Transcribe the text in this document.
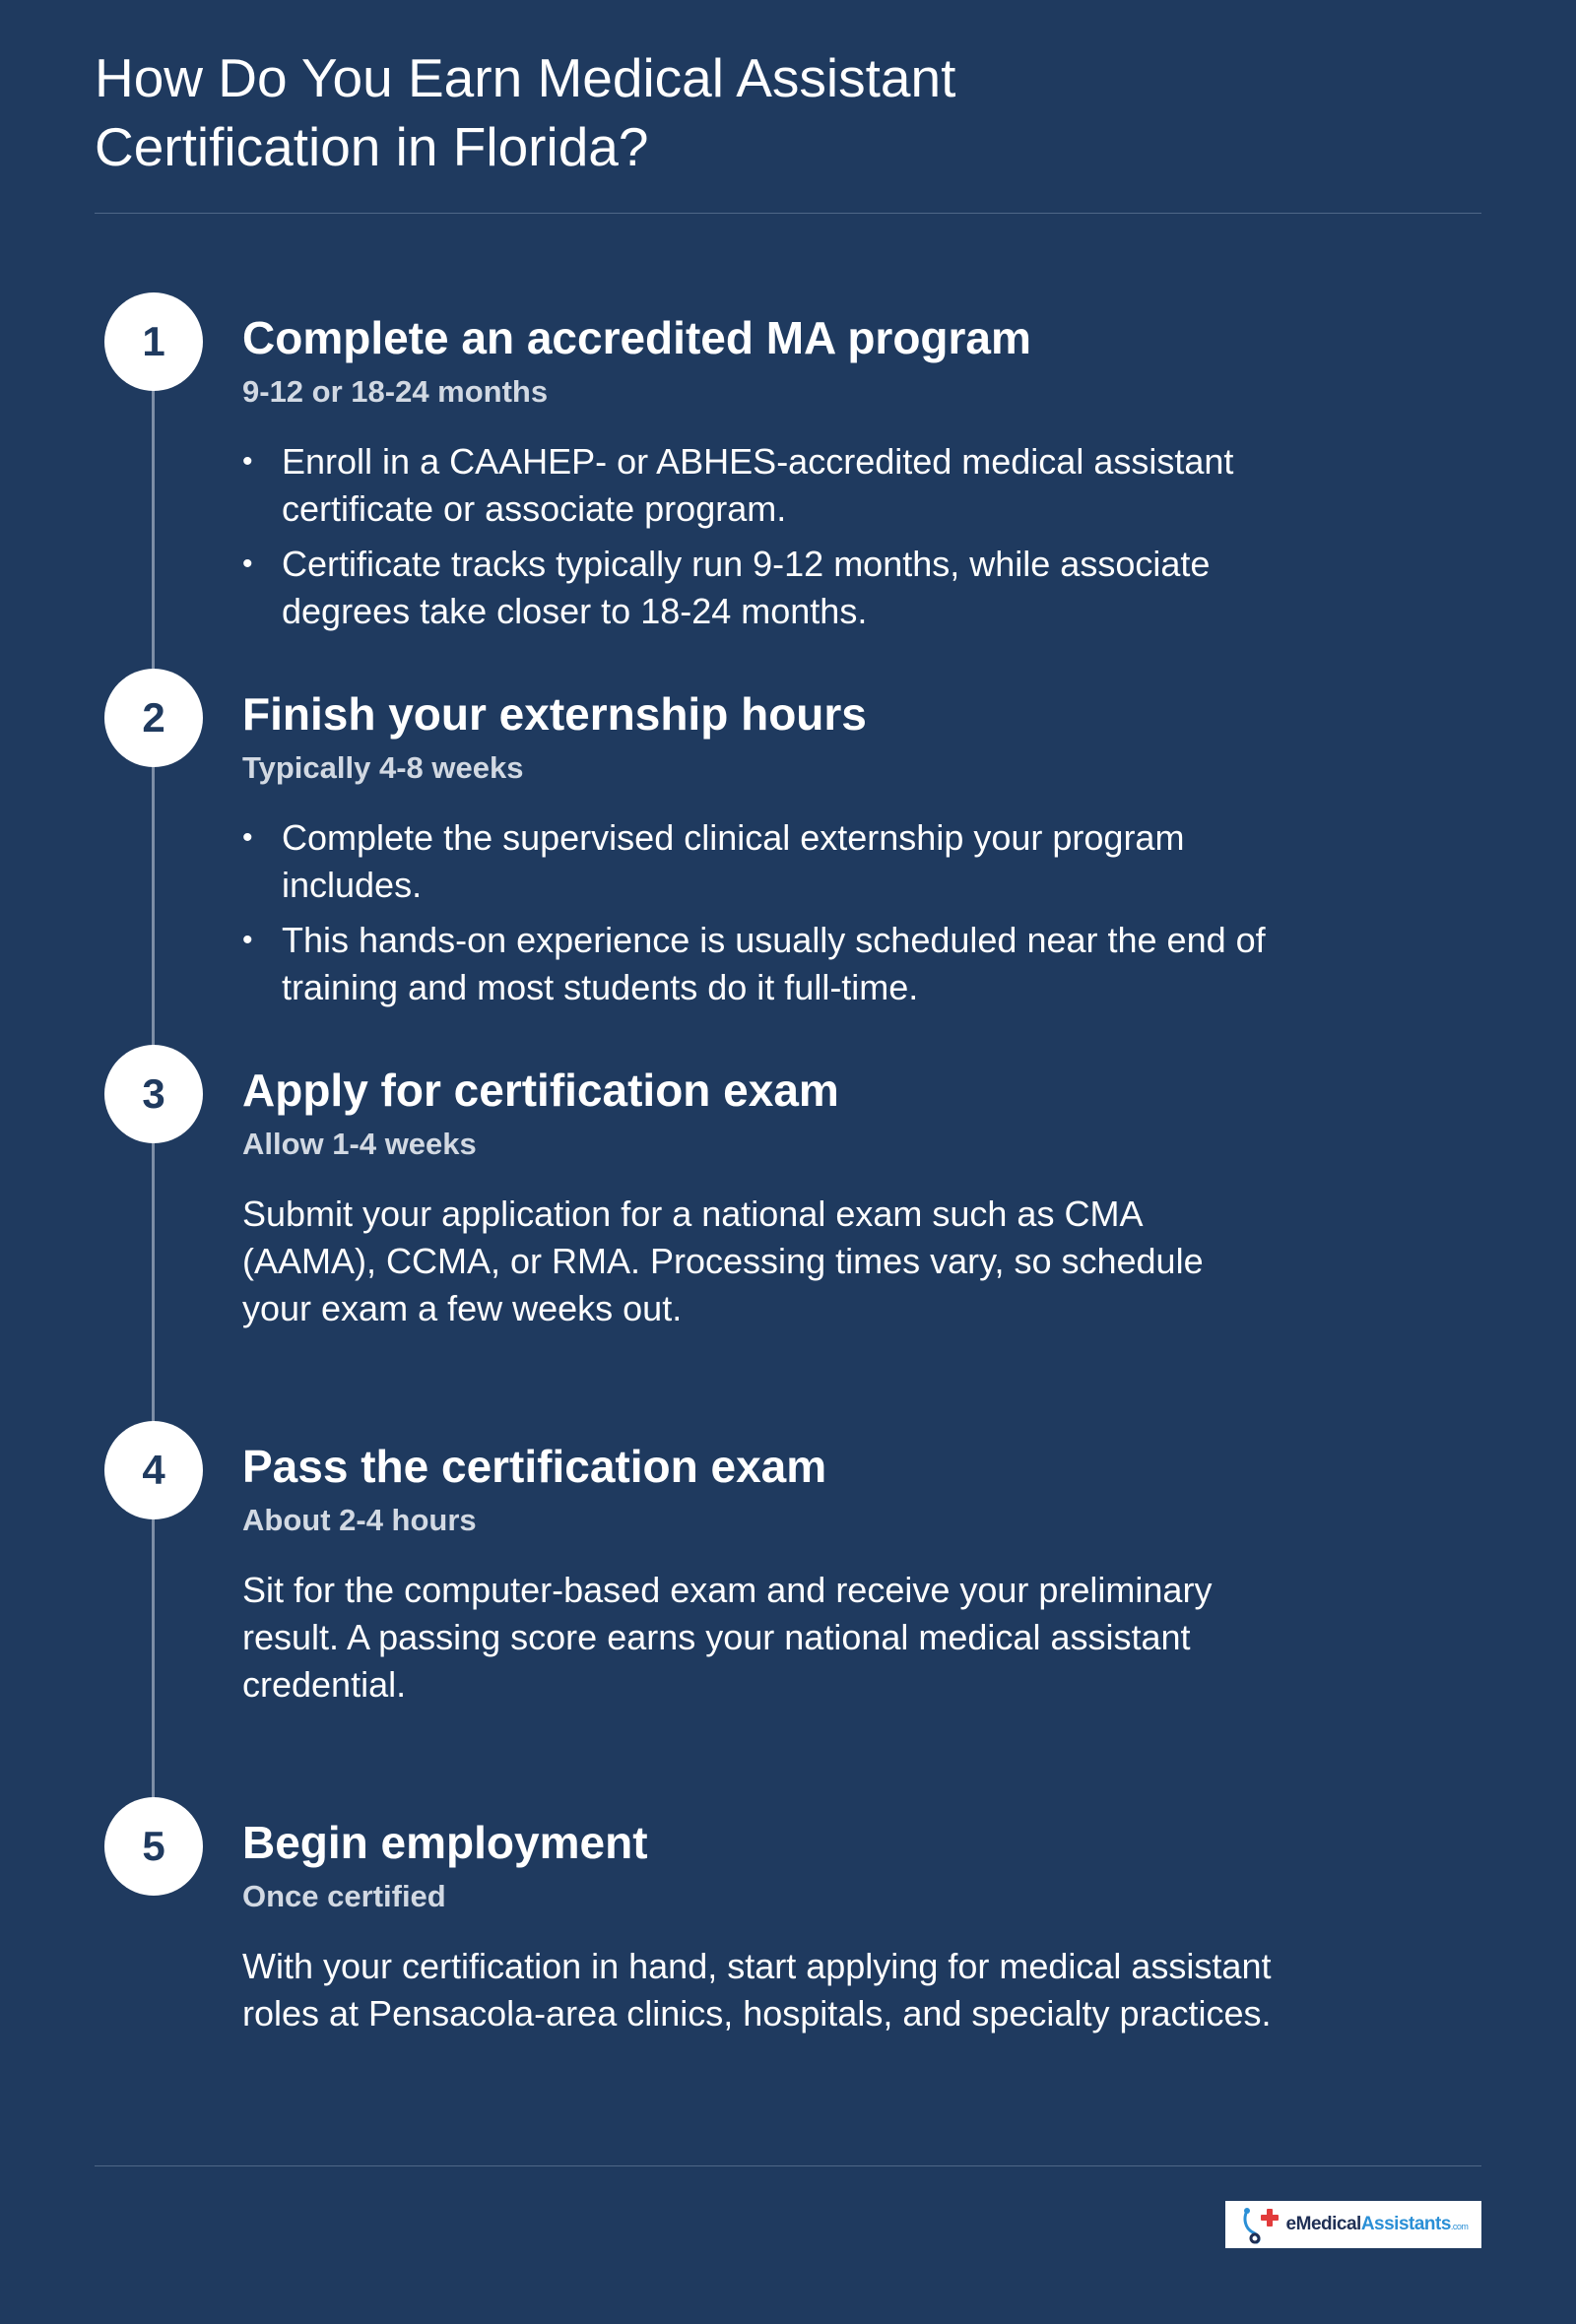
How Do You Earn Medical Assistant Certification in Florida?
1	Complete an accredited MA program
9-12 or 18-24 months
• Enroll in a CAAHEP- or ABHES-accredited medical assistant certificate or associate program.
• Certificate tracks typically run 9-12 months, while associate degrees take closer to 18-24 months.
2	Finish your externship hours
Typically 4-8 weeks
• Complete the supervised clinical externship your program includes.
• This hands-on experience is usually scheduled near the end of training and most students do it full-time.
3	Apply for certification exam
Allow 1-4 weeks

Submit your application for a national exam such as CMA (AAMA), CCMA, or RMA. Processing times vary, so schedule your exam a few weeks out.

4	Pass the certification exam
About 2-4 hours

Sit for the computer-based exam and receive your preliminary result. A passing score earns your national medical assistant credential.

5	Begin employment
Once certified

With your certification in hand, start applying for medical assistant roles at Pensacola-area clinics, hospitals, and specialty practices.

eMedicalAssistants.com
